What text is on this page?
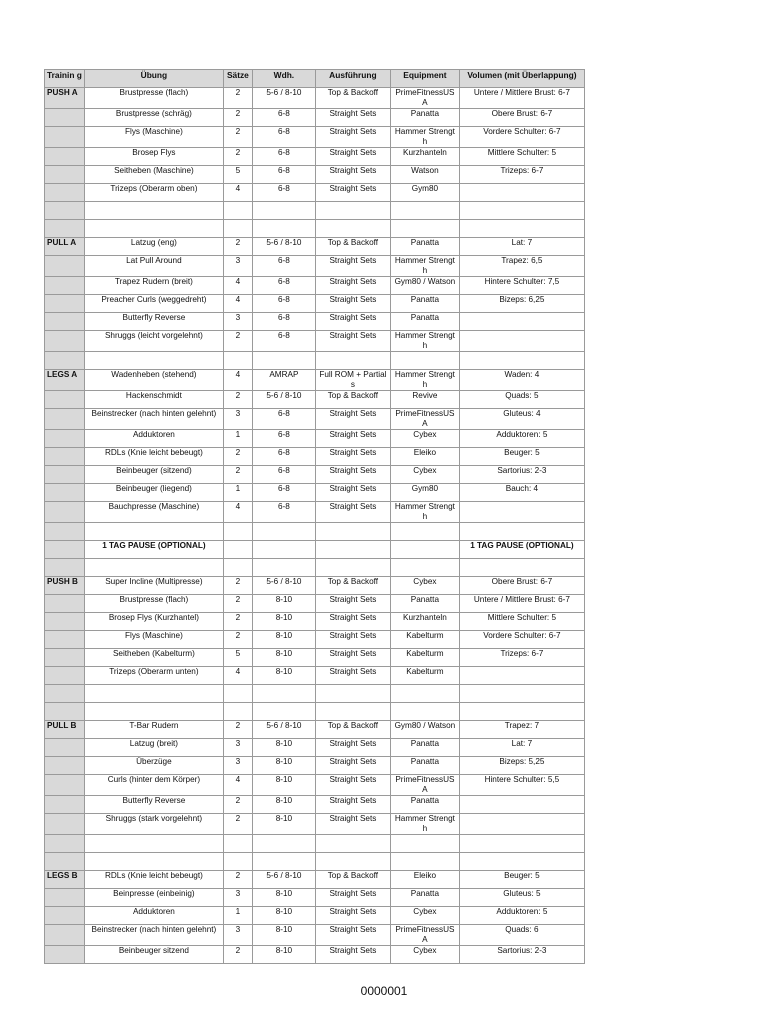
Trainin g	Übung	Sätze	Wdh.	Ausführung	Equipment	Volumen (mit Überlappung)
PUSH A	Brustpresse (flach)	2	5-6 / 8-10	Top & Backoff	PrimeFitnessUS A	Untere / Mittlere Brust: 6-7
	Brustpresse (schräg)	2	6-8	Straight Sets	Panatta	Obere Brust: 6-7
	Flys (Maschine)	2	6-8	Straight Sets	Hammer Strength	Vordere Schulter: 6-7
	Brosep Flys	2	6-8	Straight Sets	Kurzhanteln	Mittlere Schulter: 5
	Seitheben (Maschine)	5	6-8	Straight Sets	Watson	Trizeps: 6-7
	Trizeps (Oberarm oben)	4	6-8	Straight Sets	Gym80	

PULL A	Latzug (eng)	2	5-6 / 8-10	Top & Backoff	Panatta	Lat: 7
	Lat Pull Around	3	6-8	Straight Sets	Hammer Strength	Trapez: 6,5
	Trapez Rudern (breit)	4	6-8	Straight Sets	Gym80 / Watson	Hintere Schulter: 7,5
	Preacher Curls (weggedreht)	4	6-8	Straight Sets	Panatta	Bizeps: 6,25
	Butterfly Reverse	3	6-8	Straight Sets	Panatta	
	Shruggs (leicht vorgelehnt)	2	6-8	Straight Sets	Hammer Strength	

LEGS A	Wadenheben (stehend)	4	AMRAP	Full ROM + Partials	Hammer Strength	Waden: 4
	Hackenschmidt	2	5-6 / 8-10	Top & Backoff	Revive	Quads: 5
	Beinstrecker (nach hinten gelehnt)	3	6-8	Straight Sets	PrimeFitnessUS A	Gluteus: 4
	Adduktoren	1	6-8	Straight Sets	Cybex	Adduktoren: 5
	RDLs (Knie leicht bebeugt)	2	6-8	Straight Sets	Eleiko	Beuger: 5
	Beinbeuger (sitzend)	2	6-8	Straight Sets	Cybex	Sartorius: 2-3
	Beinbeuger (liegend)	1	6-8	Straight Sets	Gym80	Bauch: 4
	Bauchpresse (Maschine)	4	6-8	Straight Sets	Hammer Strength	

	1 TAG PAUSE (OPTIONAL)					1 TAG PAUSE (OPTIONAL)

PUSH B	Super Incline (Multipresse)	2	5-6 / 8-10	Top & Backoff	Cybex	Obere Brust: 6-7
	Brustpresse (flach)	2	8-10	Straight Sets	Panatta	Untere / Mittlere Brust: 6-7
	Brosep Flys (Kurzhantel)	2	8-10	Straight Sets	Kurzhanteln	Mittlere Schulter: 5
	Flys (Maschine)	2	8-10	Straight Sets	Kabelturm	Vordere Schulter: 6-7
	Seitheben (Kabelturm)	5	8-10	Straight Sets	Kabelturm	Trizeps: 6-7
	Trizeps (Oberarm unten)	4	8-10	Straight Sets	Kabelturm	

PULL B	T-Bar Rudern	2	5-6 / 8-10	Top & Backoff	Gym80 / Watson	Trapez: 7
	Latzug (breit)	3	8-10	Straight Sets	Panatta	Lat: 7
	Überzüge	3	8-10	Straight Sets	Panatta	Bizeps: 5,25
	Curls (hinter dem Körper)	4	8-10	Straight Sets	PrimeFitnessUS A	Hintere Schulter: 5,5
	Butterfly Reverse	2	8-10	Straight Sets	Panatta	
	Shruggs (stark vorgelehnt)	2	8-10	Straight Sets	Hammer Strength	

LEGS B	RDLs (Knie leicht bebeugt)	2	5-6 / 8-10	Top & Backoff	Eleiko	Beuger: 5
	Beinpresse (einbeinig)	3	8-10	Straight Sets	Panatta	Gluteus: 5
	Adduktoren	1	8-10	Straight Sets	Cybex	Adduktoren: 5
	Beinstrecker (nach hinten gelehnt)	3	8-10	Straight Sets	PrimeFitnessUS A	Quads: 6
	Beinbeuger sitzend	2	8-10	Straight Sets	Cybex	Sartorius: 2-3
0000001
